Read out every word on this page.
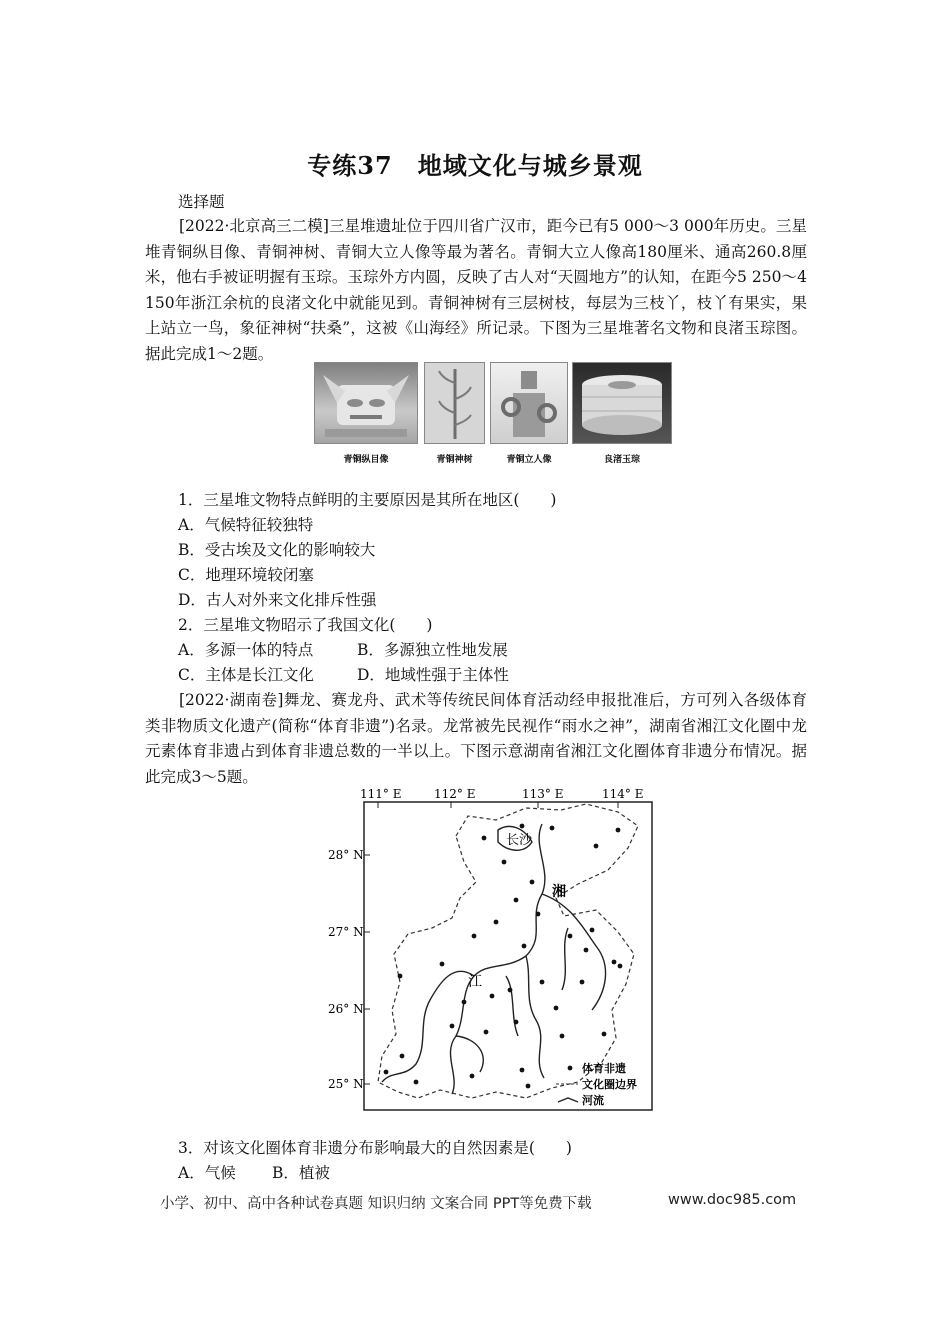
专练37　地域文化与城乡景观
选择题
[2022·北京高三二模]三星堆遗址位于四川省广汉市，距今已有5 000～3 000年历史。三星堆青铜纵目像、青铜神树、青铜大立人像等最为著名。青铜大立人像高180厘米、通高260.8厘米，他右手被证明握有玉琮。玉琮外方内圆，反映了古人对“天圆地方”的认知，在距今5 250～4 150年浙江余杭的良渚文化中就能见到。青铜神树有三层树枝，每层为三枝丫，枝丫有果实，果上站立一鸟，象征神树“扶桑”，这被《山海经》所记录。下图为三星堆著名文物和良渚玉琮图。据此完成1～2题。
青铜纵目像	青铜神树	青铜立人像	良渚玉琮
1．三星堆文物特点鲜明的主要原因是其所在地区(　　)
A．气候特征较独特
B．受古埃及文化的影响较大
C．地理环境较闭塞
D．古人对外来文化排斥性强
2．三星堆文物昭示了我国文化(　　)
A．多源一体的特点	B．多源独立性地发展
C．主体是长江文化	D．地域性强于主体性
[2022·湖南卷]舞龙、赛龙舟、武术等传统民间体育活动经申报批准后，方可列入各级体育类非物质文化遗产(简称“体育非遗”)名录。龙常被先民视作“雨水之神”，湖南省湘江文化圈中龙元素体育非遗占到体育非遗总数的一半以上。下图示意湖南省湘江文化圈体育非遗分布情况。据此完成3～5题。
111° E	112° E	113° E	114° E
28° N
27° N
26° N
25° N
长沙
湘
江
体育非遗
文化圈边界
河流
3．对该文化圈体育非遗分布影响最大的自然因素是(　　)
A．气候 B．植被
小学、初中、高中各种试卷真题 知识归纳 文案合同 PPT等免费下载	www.doc985.com
